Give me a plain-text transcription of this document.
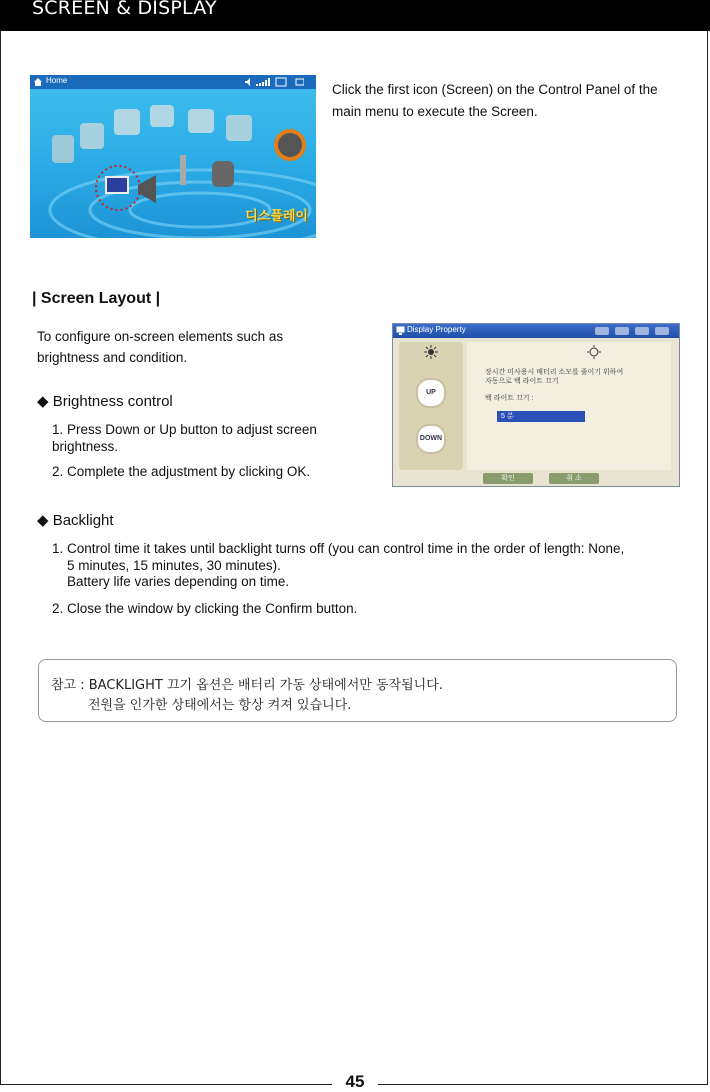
SCREEN & DISPLAY
Home
디스플레이
Click the first icon (Screen) on the Control Panel of the main menu to execute the Screen.
| Screen Layout |
To configure on-screen elements such as brightness and condition.
Display Property
UP
DOWN
장시간 미사용시 배터리 소모를 줄이기 위하여
자동으로 백 라이트 끄기
백 라이트 끄기 :
5 분
확인	취 소
◆ Brightness control
1. Press Down or Up button to adjust screen
brightness.
2. Complete the adjustment by clicking OK.
◆ Backlight
1. Control time it takes until backlight turns off (you can control time in the order of length: None,
5 minutes, 15 minutes, 30 minutes).
Battery life varies depending on time.
2. Close the window by clicking the Confirm button.
참고 : BACKLIGHT 끄기 옵션은 배터리 가동 상태에서만 동작됩니다.
전원을 인가한 상태에서는 항상 켜져 있습니다.
45
